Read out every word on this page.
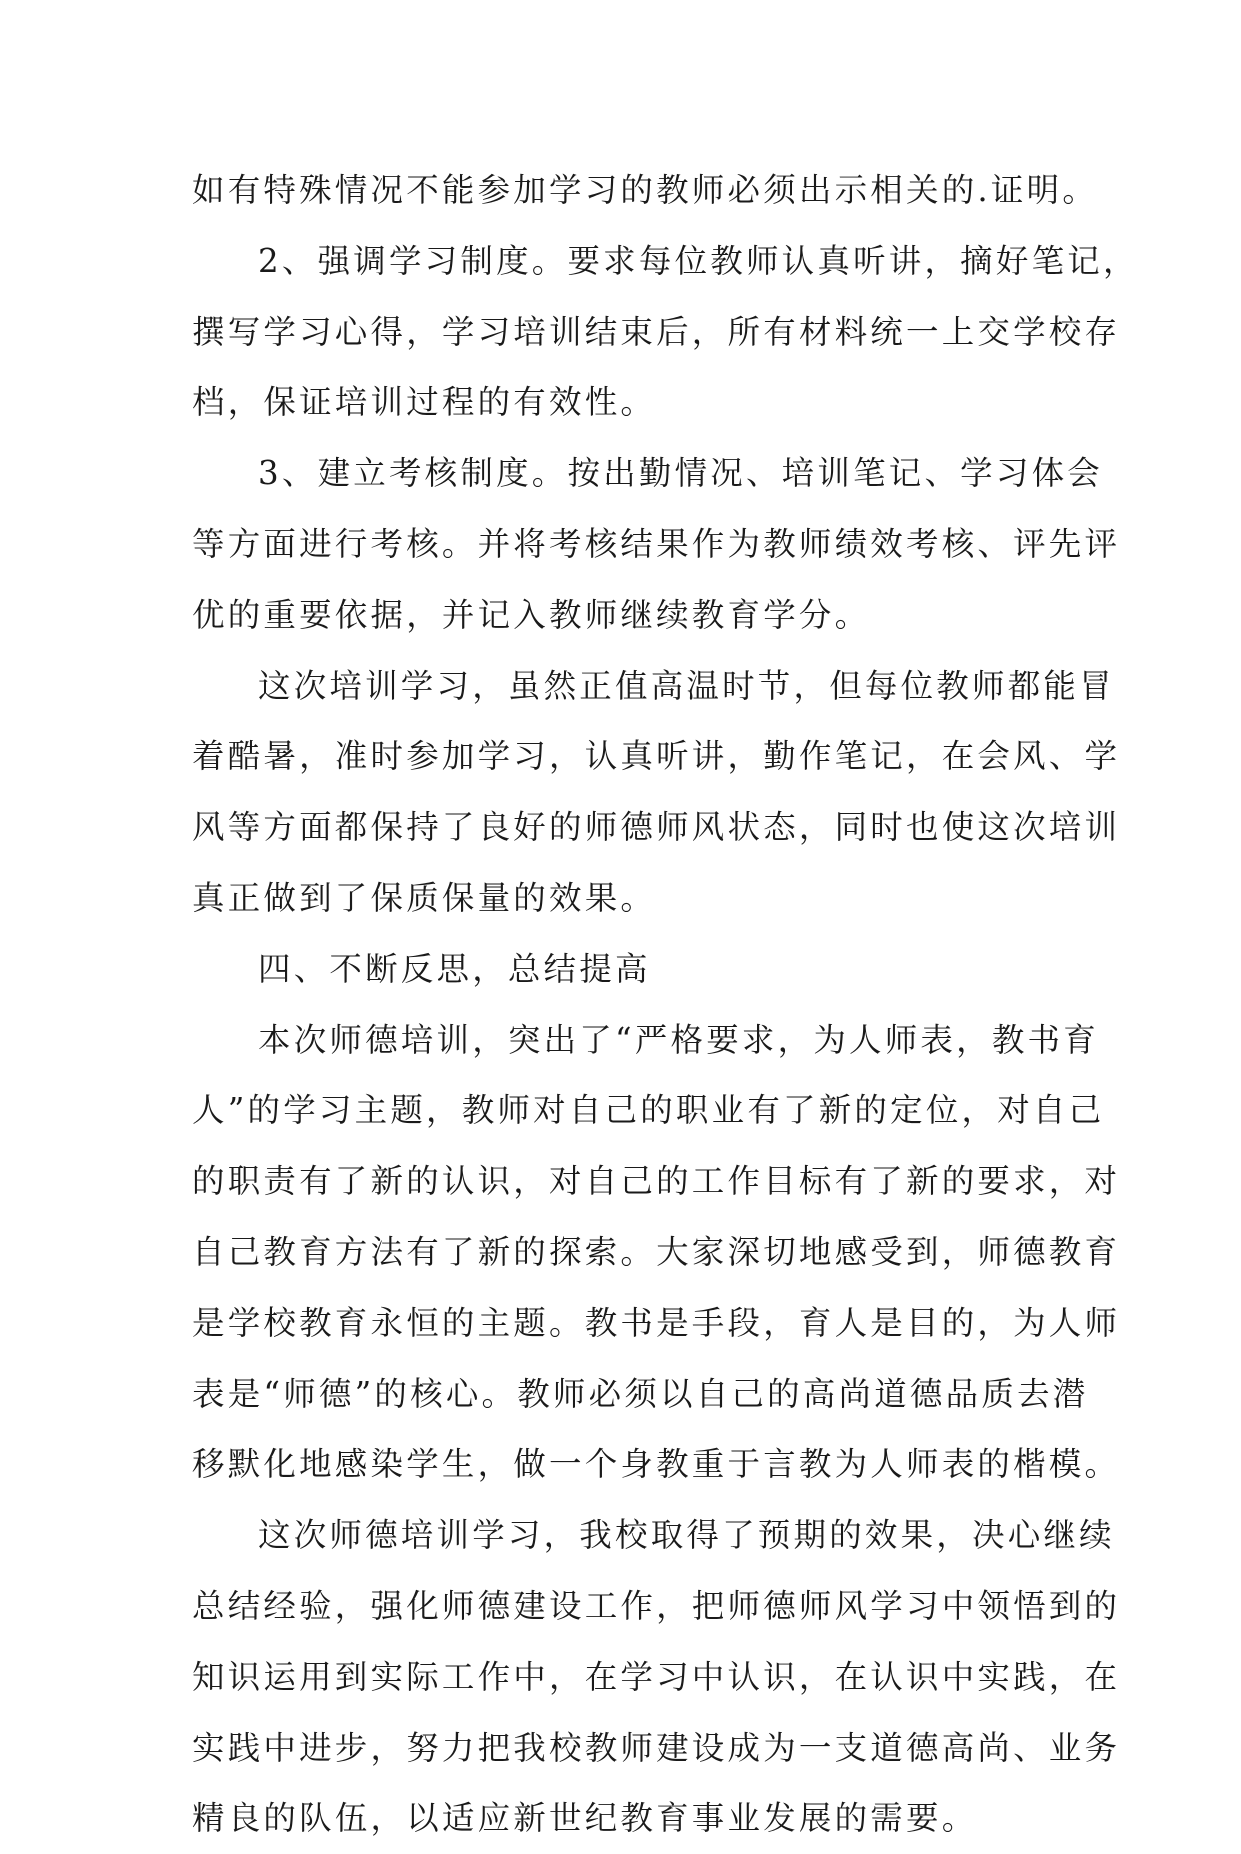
如有特殊情况不能参加学习的教师必须出示相关的.证明。
2、强调学习制度。要求每位教师认真听讲，摘好笔记，
撰写学习心得，学习培训结束后，所有材料统一上交学校存
档，保证培训过程的有效性。
3、建立考核制度。按出勤情况、培训笔记、学习体会
等方面进行考核。并将考核结果作为教师绩效考核、评先评
优的重要依据，并记入教师继续教育学分。
这次培训学习，虽然正值高温时节，但每位教师都能冒
着酷暑，准时参加学习，认真听讲，勤作笔记，在会风、学
风等方面都保持了良好的师德师风状态，同时也使这次培训
真正做到了保质保量的效果。
四、不断反思，总结提高
本次师德培训，突出了“严格要求，为人师表，教书育
人”的学习主题，教师对自己的职业有了新的定位，对自己
的职责有了新的认识，对自己的工作目标有了新的要求，对
自己教育方法有了新的探索。大家深切地感受到，师德教育
是学校教育永恒的主题。教书是手段，育人是目的，为人师
表是“师德”的核心。教师必须以自己的高尚道德品质去潜
移默化地感染学生，做一个身教重于言教为人师表的楷模。
这次师德培训学习，我校取得了预期的效果，决心继续
总结经验，强化师德建设工作，把师德师风学习中领悟到的
知识运用到实际工作中，在学习中认识，在认识中实践，在
实践中进步，努力把我校教师建设成为一支道德高尚、业务
精良的队伍，以适应新世纪教育事业发展的需要。
